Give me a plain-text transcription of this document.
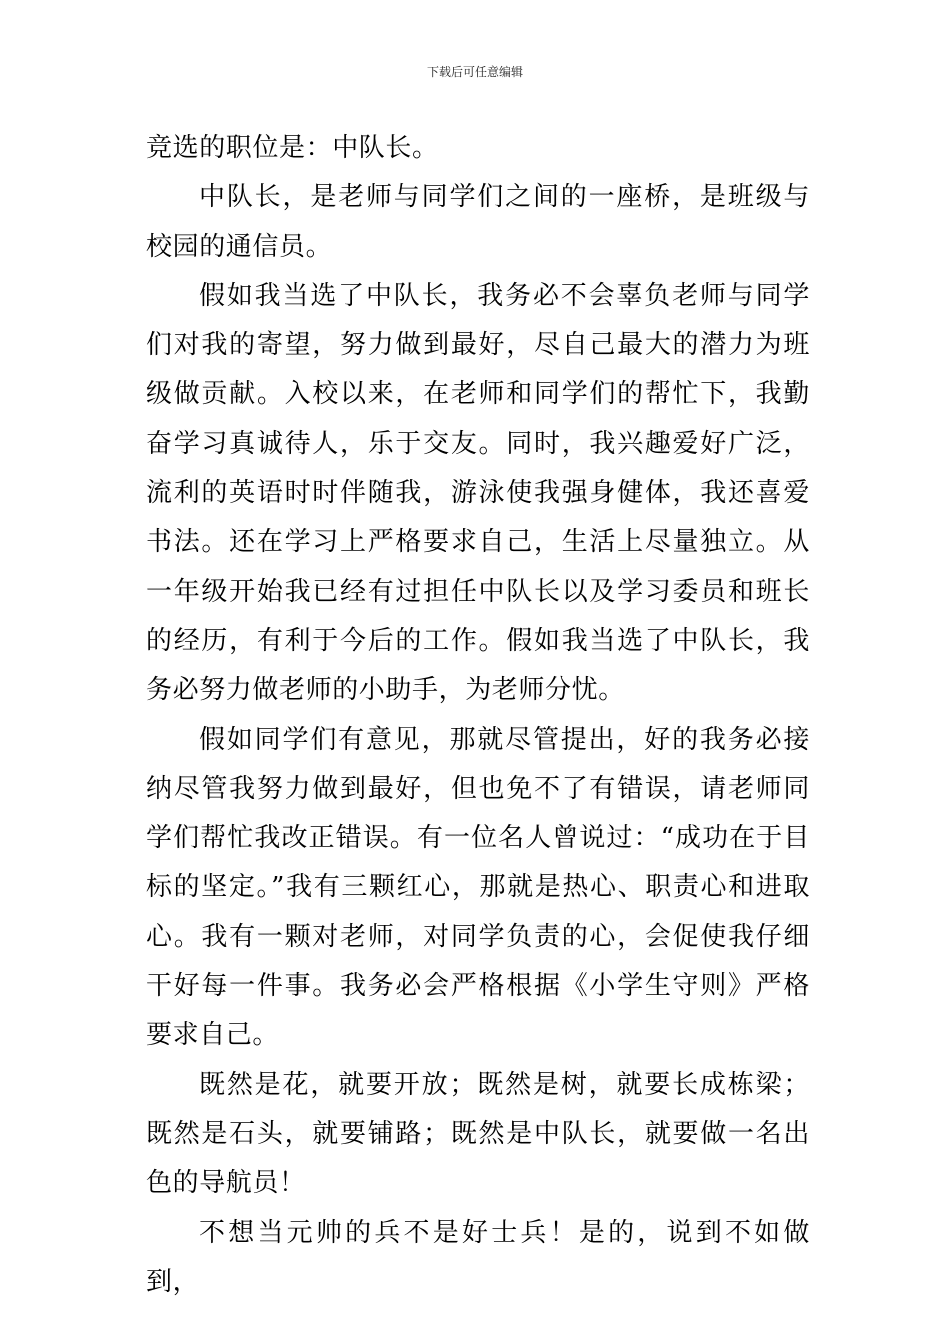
下载后可任意编辑

竞选的职位是：中队长。

中队长，是老师与同学们之间的一座桥，是班级与校园的通信员。

假如我当选了中队长，我务必不会辜负老师与同学们对我的寄望，努力做到最好，尽自己最大的潜力为班级做贡献。入校以来，在老师和同学们的帮忙下，我勤奋学习真诚待人，乐于交友。同时，我兴趣爱好广泛，流利的英语时时伴随我，游泳使我强身健体，我还喜爱书法。还在学习上严格要求自己，生活上尽量独立。从一年级开始我已经有过担任中队长以及学习委员和班长的经历，有利于今后的工作。假如我当选了中队长，我务必努力做老师的小助手，为老师分忧。

假如同学们有意见，那就尽管提出，好的我务必接纳尽管我努力做到最好，但也免不了有错误，请老师同学们帮忙我改正错误。有一位名人曾说过：“成功在于目标的坚定。”我有三颗红心，那就是热心、职责心和进取心。我有一颗对老师，对同学负责的心，会促使我仔细干好每一件事。我务必会严格根据《小学生守则》严格要求自己。

既然是花，就要开放；既然是树，就要长成栋梁；既然是石头，就要铺路；既然是中队长，就要做一名出色的导航员！

不想当元帅的兵不是好士兵！是的，说到不如做到，
